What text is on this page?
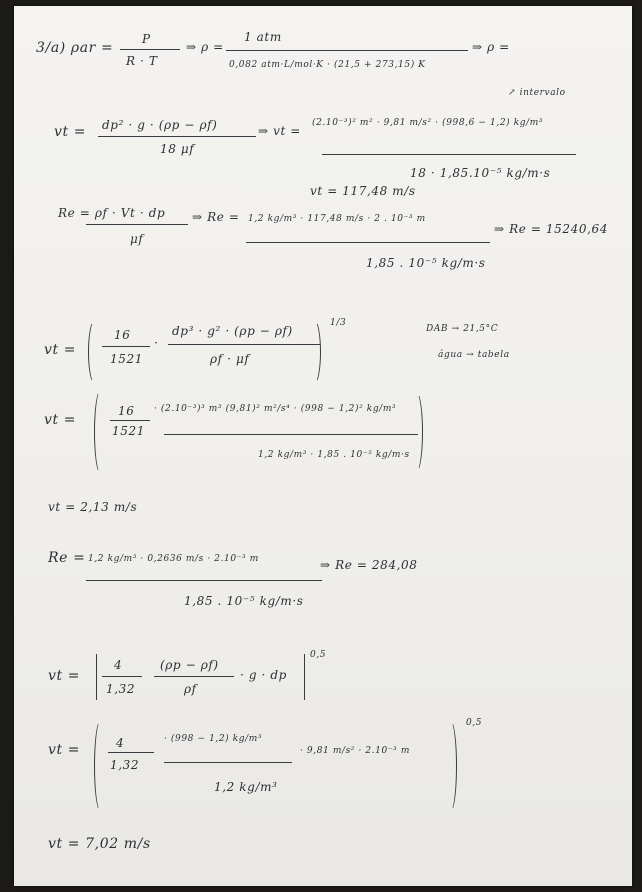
3/a) ρar =
P
R · T
⇒ ρ =
1 atm
0,082 atm·L/mol·K · (21,5 + 273,15) K
⇒ ρ =
↗ intervalo
vt = dp² · g · (ρp − ρf)
18 μf
⇒ vt =
(2.10⁻³)² m² · 9,81 m/s² · (998,6 − 1,2) kg/m³
18 · 1,85.10⁻⁵ kg/m·s
vt = 117,48 m/s
Re = ρf · Vt · dp
μf
⇒ Re = 1,2 kg/m³ · 117,48 m/s · 2 . 10⁻³ m
1,85 . 10⁻⁵ kg/m·s
⇒ Re = 15240,64
vt =
16
1521
·
dp³ · g² · (ρp − ρf)
ρf · μf
1/3
DAB → 21,5°C
água → tabela
vt =
16
1521
· (2.10⁻³)³ m³ (9,81)² m²/s⁴ · (998 − 1,2)² kg/m³
1,2 kg/m³ · 1,85 . 10⁻⁵ kg/m·s
vt = 2,13 m/s
Re = 1,2 kg/m³ · 0,2636 m/s · 2.10⁻³ m
1,85 . 10⁻⁵ kg/m·s
⇒ Re = 284,08
vt =
4
1,32
(ρp − ρf)
ρf
· g · dp
0,5
vt =	4
1,32
· (998 − 1,2) kg/m³
1,2 kg/m³
· 9,81 m/s² · 2.10⁻³ m
0,5
vt = 7,02 m/s
